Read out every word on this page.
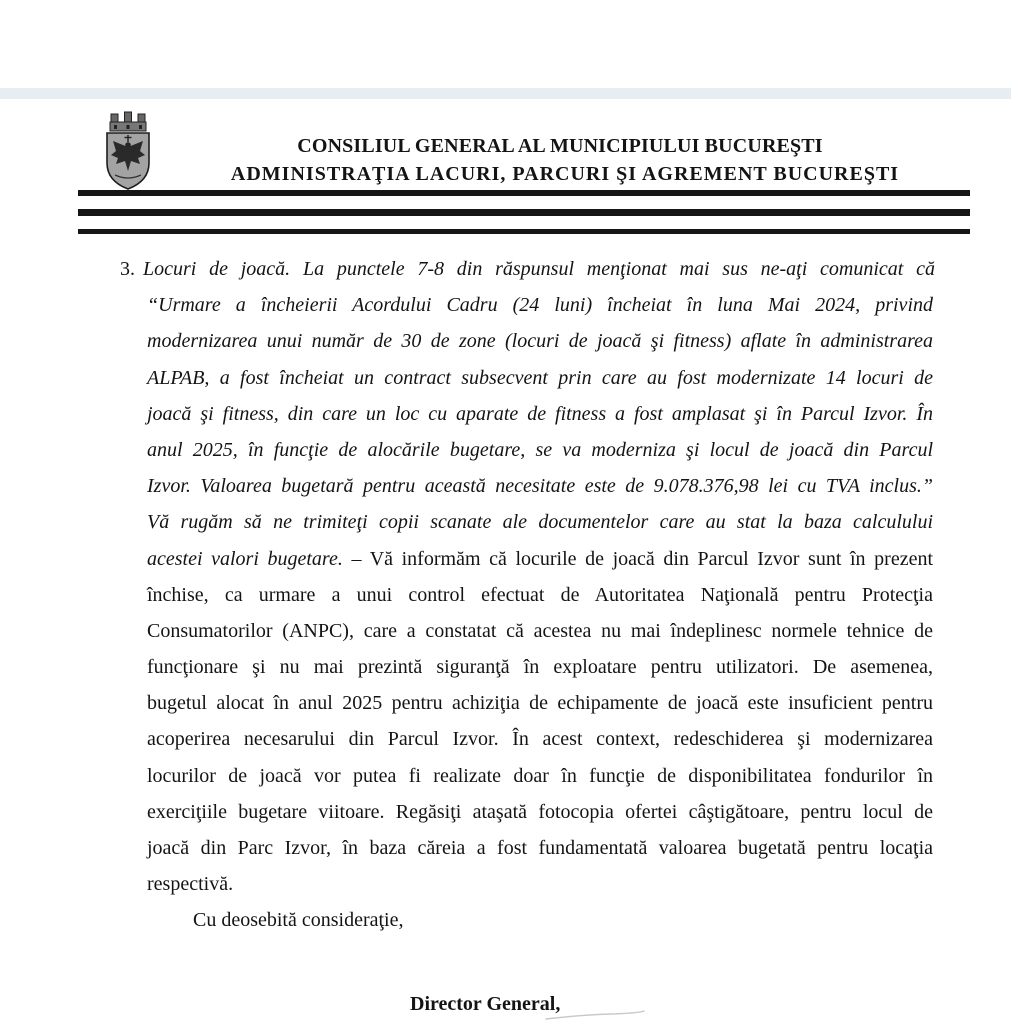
CONSILIUL GENERAL AL MUNICIPIULUI BUCUREŞTI
ADMINISTRAŢIA LACURI, PARCURI ŞI AGREMENT BUCUREŞTI
3. Locuri de joacă. La punctele 7-8 din răspunsul menţionat mai sus ne-aţi comunicat că
“Urmare a încheierii Acordului Cadru (24 luni) încheiat în luna Mai 2024, privind
modernizarea unui număr de 30 de zone (locuri de joacă şi fitness) aflate în administrarea
ALPAB, a fost încheiat un contract subsecvent prin care au fost modernizate 14 locuri de
joacă şi fitness, din care un loc cu aparate de fitness a fost amplasat şi în Parcul Izvor. În
anul 2025, în funcţie de alocările bugetare, se va moderniza şi locul de joacă din Parcul
Izvor. Valoarea bugetară pentru această necesitate este de 9.078.376,98 lei cu TVA inclus.”
Vă rugăm să ne trimiteţi copii scanate ale documentelor care au stat la baza calculului
acestei valori bugetare. – Vă informăm că locurile de joacă din Parcul Izvor sunt în prezent
închise, ca urmare a unui control efectuat de Autoritatea Naţională pentru Protecţia
Consumatorilor (ANPC), care a constatat că acestea nu mai îndeplinesc normele tehnice de
funcţionare şi nu mai prezintă siguranţă în exploatare pentru utilizatori. De asemenea,
bugetul alocat în anul 2025 pentru achiziţia de echipamente de joacă este insuficient pentru
acoperirea necesarului din Parcul Izvor. În acest context, redeschiderea şi modernizarea
locurilor de joacă vor putea fi realizate doar în funcţie de disponibilitatea fondurilor în
exerciţiile bugetare viitoare. Regăsiţi ataşată fotocopia ofertei câştigătoare, pentru locul de
joacă din Parc Izvor, în baza căreia a fost fundamentată valoarea bugetată pentru locaţia
respectivă.
Cu deosebită consideraţie,
Director General,
